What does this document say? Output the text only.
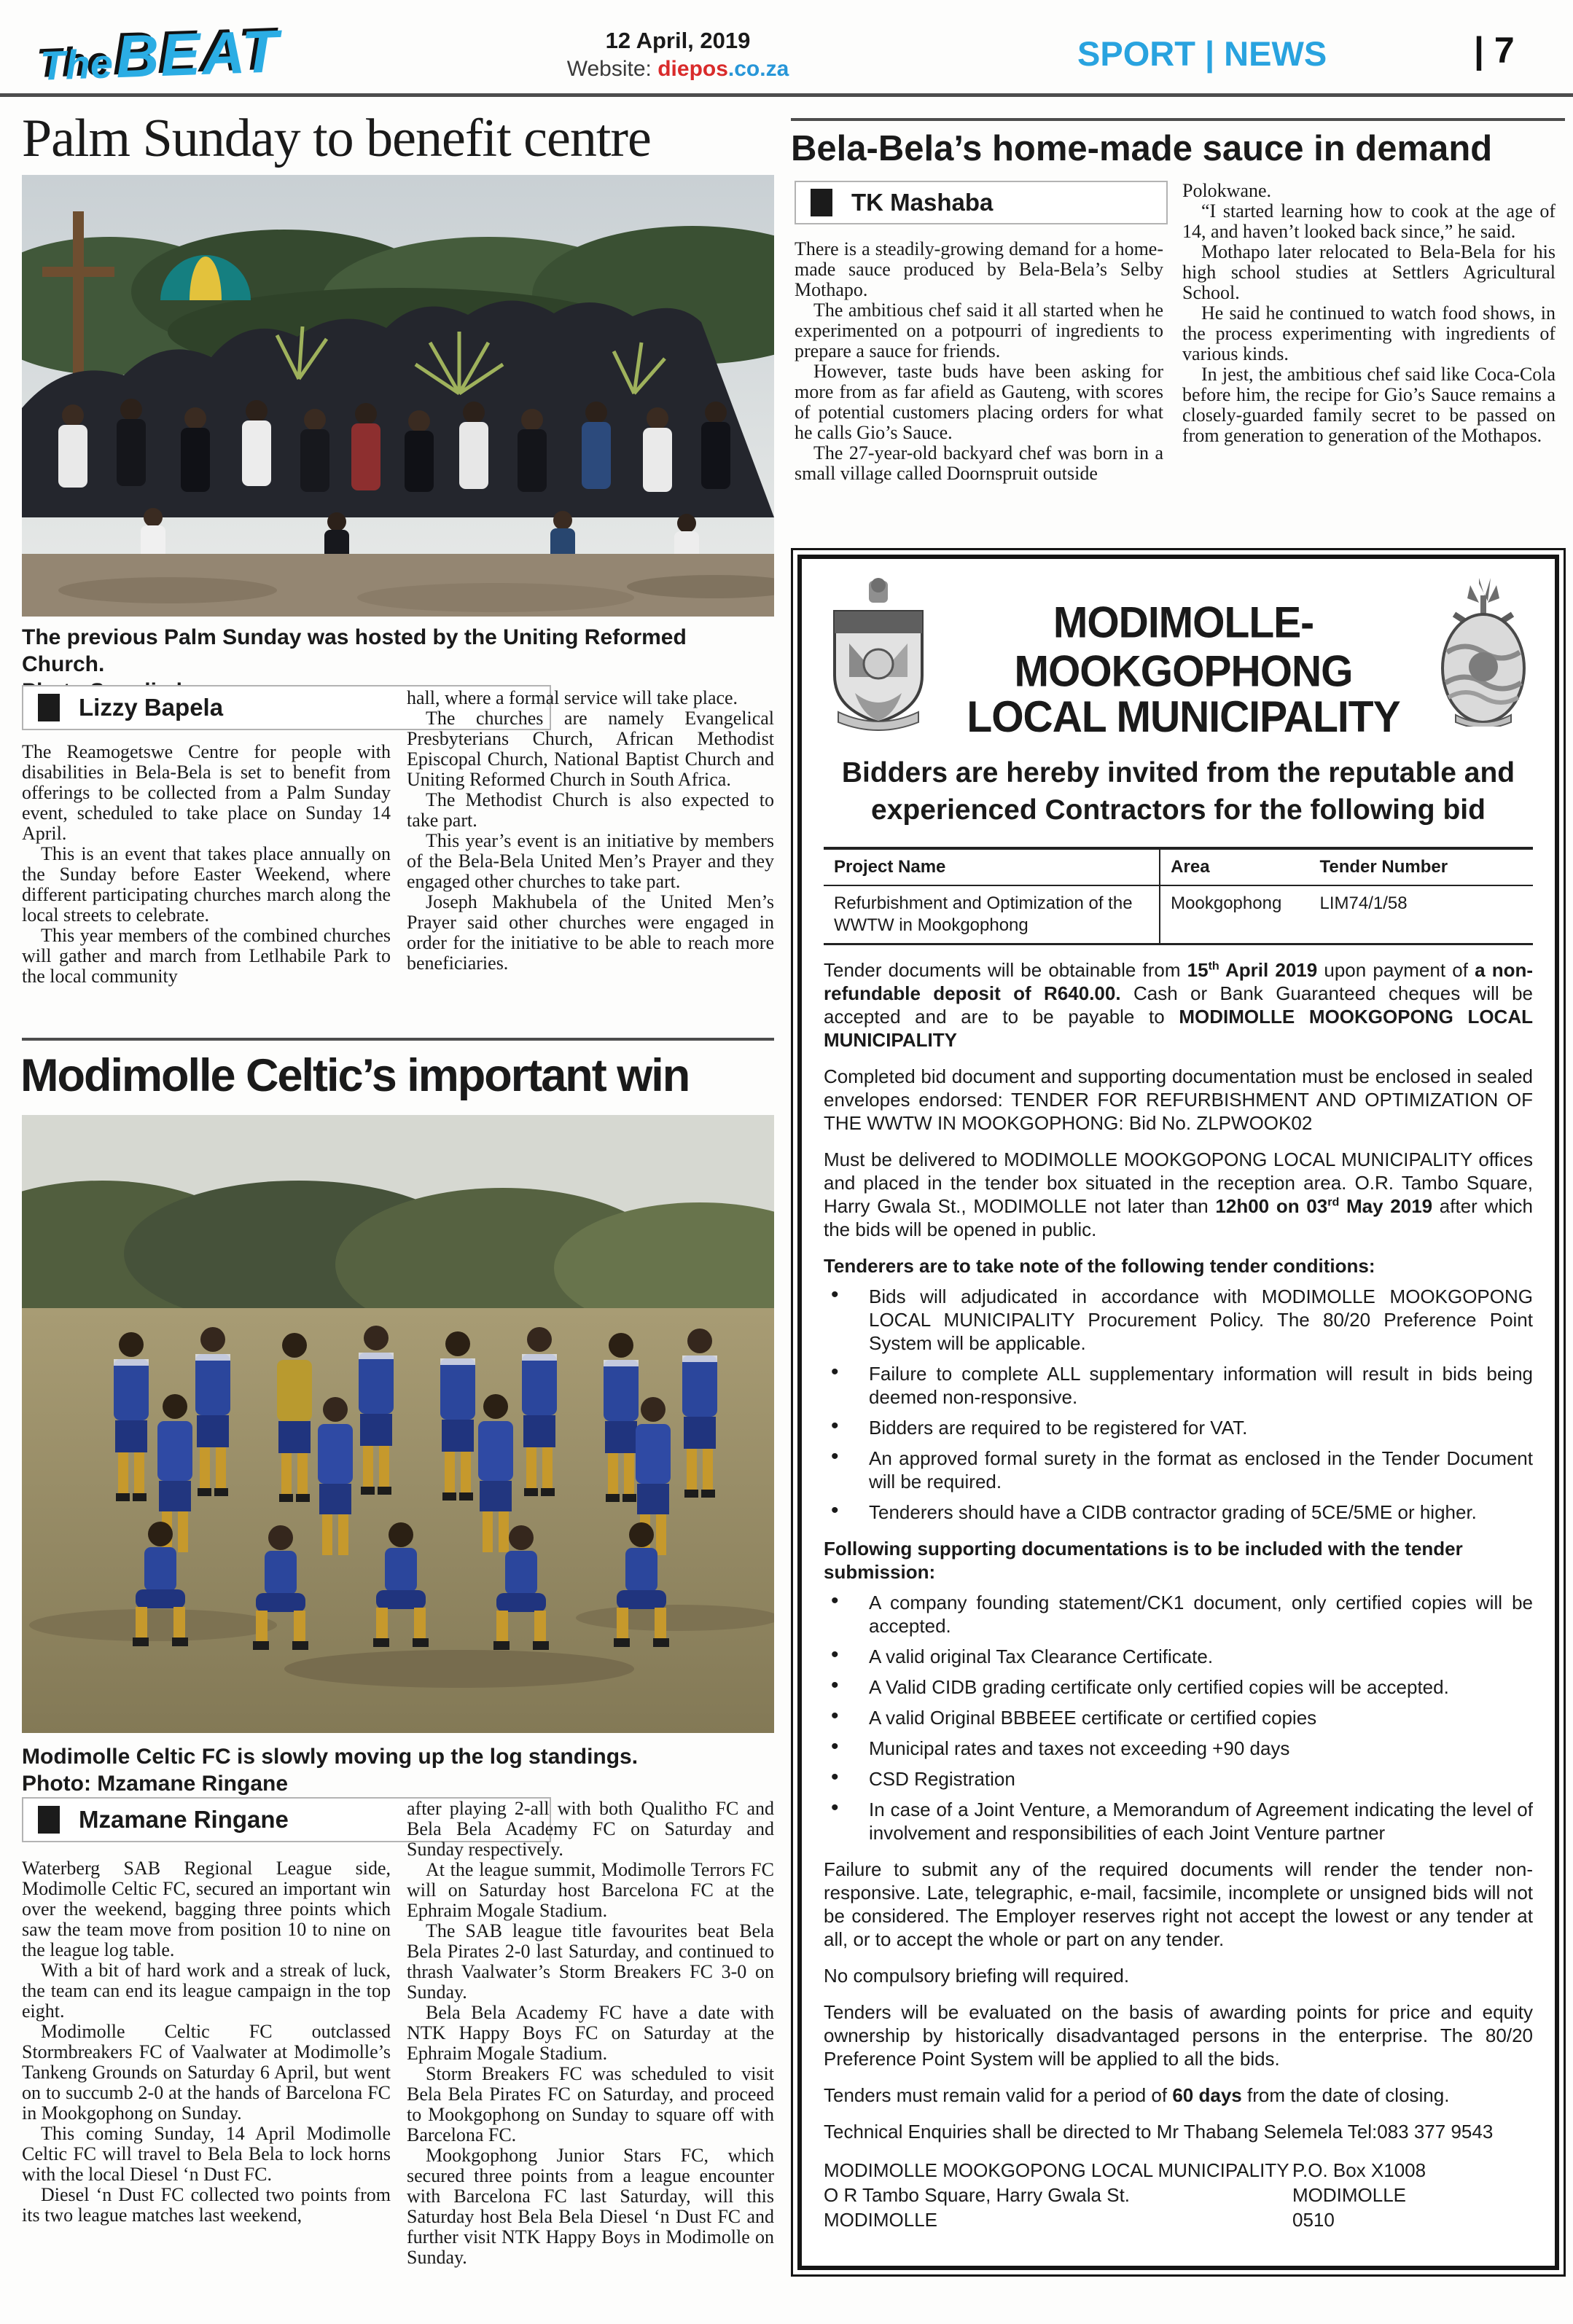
The BEAT	12 April, 2019
Website: diepos.co.za	SPORT | NEWS	| 7
Palm Sunday to benefit centre
The previous Palm Sunday was hosted by the Uniting Reformed Church.
Lizzy Bapela

The Reamogetswe Centre for people with disabilities in Bela-Bela is set to benefit from offerings to be collected from a Palm Sunday event, scheduled to take place on Sunday 14 April.

This is an event that takes place annually on the Sunday before Easter Weekend, where different participating churches march along the local streets to celebrate.

This year members of the combined churches will gather and march from Letlhabile Park to the local community

hall, where a formal service will take place.

The churches are namely Evangelical Presbyterians Church, African Methodist Episcopal Church, National Baptist Church and Uniting Reformed Church in South Africa.

The Methodist Church is also expected to take part.

This year’s event is an initiative by members of the Bela-Bela United Men’s Prayer and they engaged other churches to take part.

Joseph Makhubela of the United Men’s Prayer said other churches were engaged in order for the initiative to be able to reach more beneficiaries.

Modimolle Celtic’s important win
Modimolle Celtic FC is slowly moving up the log standings.
Photo: Mzamane Ringane
Mzamane Ringane

Waterberg SAB Regional League side, Modimolle Celtic FC, secured an important win over the weekend, bagging three points which saw the team move from position 10 to nine on the league log table.

With a bit of hard work and a streak of luck, the team can end its league campaign in the top eight.

Modimolle Celtic FC outclassed Stormbreakers FC of Vaalwater at Modimolle’s Tankeng Grounds on Saturday 6 April, but went on to succumb 2-0 at the hands of Barcelona FC in Mookgophong on Sunday.

This coming Sunday, 14 April Modimolle Celtic FC will travel to Bela Bela to lock horns with the local Diesel ‘n Dust FC.

Diesel ‘n Dust FC collected two points from its two league matches last weekend,

after playing 2-all with both Qualitho FC and Bela Bela Academy FC on Saturday and Sunday respectively.

At the league summit, Modimolle Terrors FC will on Saturday host Barcelona FC at the Ephraim Mogale Stadium.

The SAB league title favourites beat Bela Bela Pirates 2-0 last Saturday, and continued to thrash Vaalwater’s Storm Breakers FC 3-0 on Sunday.

Bela Bela Academy FC have a date with NTK Happy Boys FC on Saturday at the Ephraim Mogale Stadium.

Storm Breakers FC was scheduled to visit Bela Bela Pirates FC on Saturday, and proceed to Mookgophong on Sunday to square off with Barcelona FC.

Mookgophong Junior Stars FC, which secured three points from a league encounter with Barcelona FC last Saturday, will this Saturday host Bela Bela Diesel ‘n Dust FC and further visit NTK Happy Boys in Modimolle on Sunday.

Bela-Bela’s home-made sauce in demand
TK Mashaba

There is a steadily-growing demand for a home-made sauce produced by Bela-Bela’s Selby Mothapo.

The ambitious chef said it all started when he experimented on a potpourri of ingredients to prepare a sauce for friends.

However, taste buds have been asking for more from as far afield as Gauteng, with scores of potential customers placing orders for what he calls Gio’s Sauce.

The 27-year-old backyard chef was born in a small village called Doornspruit outside

Polokwane.

“I started learning how to cook at the age of 14, and haven’t looked back since,” he said.

Mothapo later relocated to Bela-Bela for his high school studies at Settlers Agricultural School.

He said he continued to watch food shows, in the process experimenting with ingredients of various kinds.

In jest, the ambitious chef said like Coca-Cola before him, the recipe for Gio’s Sauce remains a closely-guarded family secret to be passed on from generation to generation of the Mothapos.

MODIMOLLE-MOOKGOPHONG
LOCAL MUNICIPALITY
Bidders are hereby invited from the reputable and experienced Contractors for the following bid
Project Name	Area	Tender Number
Refurbishment and Optimization of the WWTW in Mookgophong
Mookgophong	LIM74/1/58

Tender documents will be obtainable from 15th April 2019 upon payment of a non-refundable deposit of R640.00. Cash or Bank Guaranteed cheques will be accepted and are to be payable to MODIMOLLE MOOKGOPONG LOCAL MUNICIPALITY

Completed bid document and supporting documentation must be enclosed in sealed envelopes endorsed: TENDER FOR REFURBISHMENT AND OPTIMIZATION OF THE WWTW IN MOOKGOPHONG: Bid No. ZLPWOOK02

Must be delivered to MODIMOLLE MOOKGOPONG LOCAL MUNICIPALITY offices and placed in the tender box situated in the reception area. O.R. Tambo Square, Harry Gwala St., MODIMOLLE not later than 12h00 on 03rd May 2019 after which the bids will be opened in public.

Tenderers are to take note of the following tender conditions:

• Bids will adjudicated in accordance with MODIMOLLE MOOKGOPONG LOCAL MUNICIPALITY Procurement Policy. The 80/20 Preference Point System will be applicable.
• Failure to complete ALL supplementary information will result in bids being deemed non-responsive.
• Bidders are required to be registered for VAT.
• An approved formal surety in the format as enclosed in the Tender Document will be required.
• Tenderers should have a CIDB contractor grading of 5CE/5ME or higher.

Following supporting documentations is to be included with the tender submission:

• A company founding statement/CK1 document, only certified copies will be accepted.
• A valid original Tax Clearance Certificate.
• A Valid CIDB grading certificate only certified copies will be accepted.
• A valid Original BBBEEE certificate or certified copies
• Municipal rates and taxes not exceeding +90 days
• CSD Registration
• In case of a Joint Venture, a Memorandum of Agreement indicating the level of involvement and responsibilities of each Joint Venture partner

Failure to submit any of the required documents will render the tender non-responsive. Late, telegraphic, e-mail, facsimile, incomplete or unsigned bids will not be considered. The Employer reserves right not accept the lowest or any tender at all, or to accept the whole or part on any tender.

No compulsory briefing will required.

Tenders will be evaluated on the basis of awarding points for price and equity ownership by historically disadvantaged persons in the enterprise. The 80/20 Preference Point System will be applied to all the bids.

Tenders must remain valid for a period of 60 days from the date of closing.

Technical Enquiries shall be directed to Mr Thabang Selemela Tel:083 377 9543

MODIMOLLE MOOKGOPONG LOCAL MUNICIPALITY
O R Tambo Square, Harry Gwala St.
MODIMOLLE
P.O. Box X1008
MODIMOLLE
0510
